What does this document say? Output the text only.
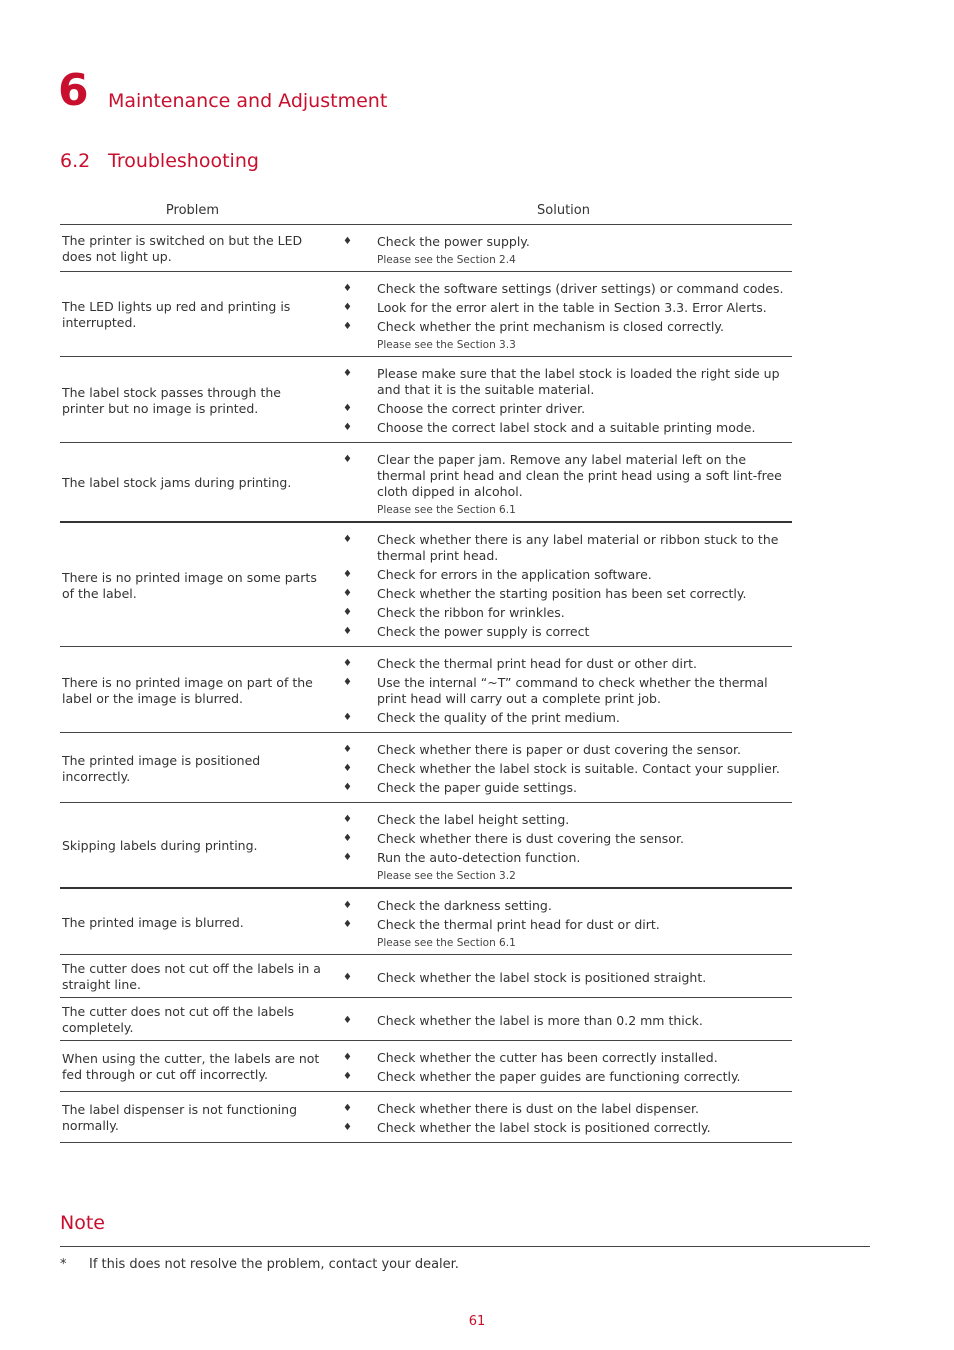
6 Maintenance and Adjustment
6.2 Troubleshooting
Problem	Solution
The printer is switched on but the LED does not light up.
♦	Check the power supply.
Please see the Section 2.4
The LED lights up red and printing is interrupted.
♦	Check the software settings (driver settings) or command codes.
♦	Look for the error alert in the table in Section 3.3. Error Alerts.
♦	Check whether the print mechanism is closed correctly.
Please see the Section 3.3
The label stock passes through the printer but no image is printed.
♦	Please make sure that the label stock is loaded the right side up and that it is the suitable material.
♦	Choose the correct printer driver.
♦	Choose the correct label stock and a suitable printing mode.
The label stock jams during printing.
♦	Clear the paper jam. Remove any label material left on the thermal print head and clean the print head using a soft lint-free cloth dipped in alcohol.
Please see the Section 6.1
There is no printed image on some parts of the label.
♦	Check whether there is any label material or ribbon stuck to the thermal print head.
♦	Check for errors in the application software.
♦	Check whether the starting position has been set correctly.
♦	Check the ribbon for wrinkles.
♦	Check the power supply is correct
There is no printed image on part of the label or the image is blurred.
♦	Check the thermal print head for dust or other dirt.
♦	Use the internal “~T” command to check whether the thermal print head will carry out a complete print job.
♦	Check the quality of the print medium.
The printed image is positioned incorrectly.
♦	Check whether there is paper or dust covering the sensor.
♦	Check whether the label stock is suitable. Contact your supplier.
♦	Check the paper guide settings.
Skipping labels during printing.
♦	Check the label height setting.
♦	Check whether there is dust covering the sensor.
♦	Run the auto-detection function.
Please see the Section 3.2
The printed image is blurred.
♦	Check the darkness setting.
♦	Check the thermal print head for dust or dirt.
Please see the Section 6.1
The cutter does not cut off the labels in a straight line.	♦	Check whether the label stock is positioned straight.
The cutter does not cut off the labels completely.	♦	Check whether the label is more than 0.2 mm thick.
When using the cutter, the labels are not fed through or cut off incorrectly.
♦	Check whether the cutter has been correctly installed.
♦	Check whether the paper guides are functioning correctly.
The label dispenser is not functioning normally.
♦	Check whether there is dust on the label dispenser.
♦	Check whether the label stock is positioned correctly.
Note
*	If this does not resolve the problem, contact your dealer.
61
